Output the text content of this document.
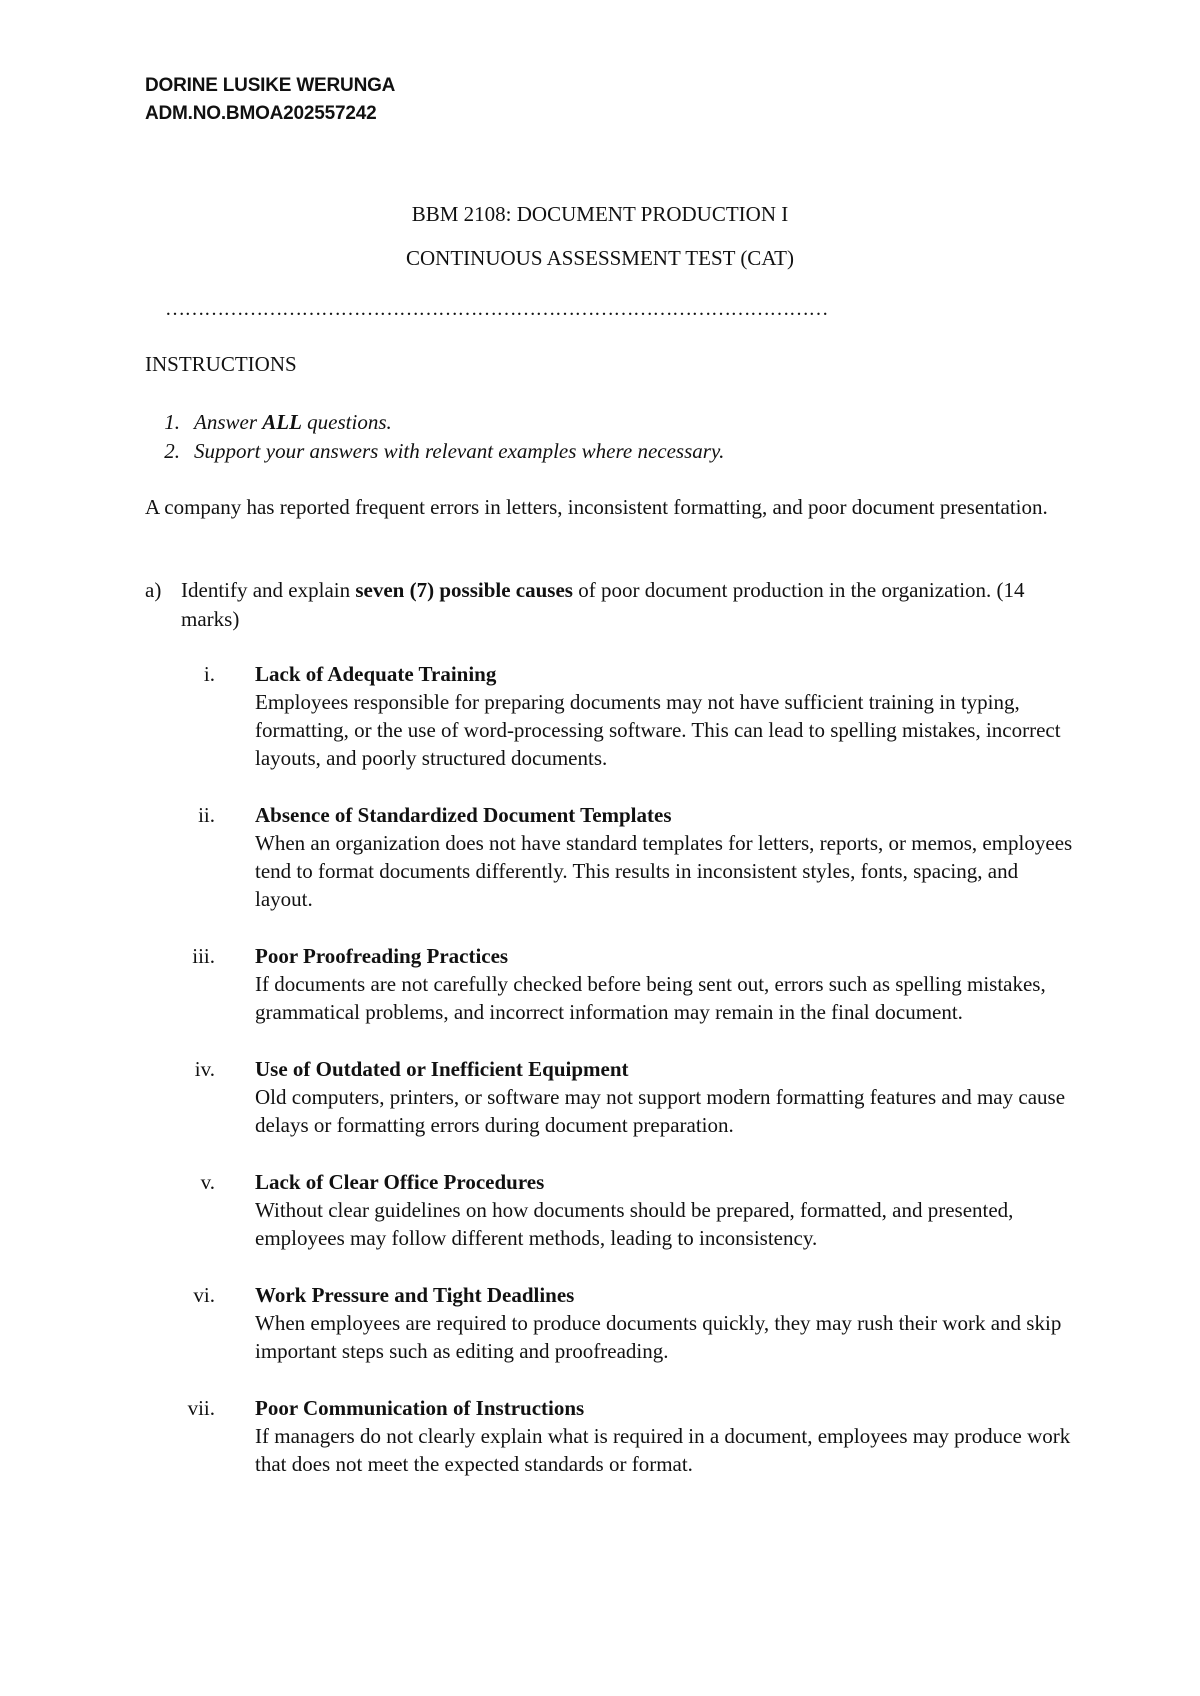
DORINE LUSIKE WERUNGA
ADM.NO.BMOA202557242
BBM 2108: DOCUMENT PRODUCTION I
CONTINUOUS ASSESSMENT TEST (CAT)
…………………………………………………………………………………………
INSTRUCTIONS
1. Answer ALL questions.
2. Support your answers with relevant examples where necessary.
A company has reported frequent errors in letters, inconsistent formatting, and poor document presentation.
a) Identify and explain seven (7) possible causes of poor document production in the organization. (14 marks)
i. Lack of Adequate Training
Employees responsible for preparing documents may not have sufficient training in typing, formatting, or the use of word-processing software. This can lead to spelling mistakes, incorrect layouts, and poorly structured documents.
ii. Absence of Standardized Document Templates
When an organization does not have standard templates for letters, reports, or memos, employees tend to format documents differently. This results in inconsistent styles, fonts, spacing, and layout.
iii. Poor Proofreading Practices
If documents are not carefully checked before being sent out, errors such as spelling mistakes, grammatical problems, and incorrect information may remain in the final document.
iv. Use of Outdated or Inefficient Equipment
Old computers, printers, or software may not support modern formatting features and may cause delays or formatting errors during document preparation.
v. Lack of Clear Office Procedures
Without clear guidelines on how documents should be prepared, formatted, and presented, employees may follow different methods, leading to inconsistency.
vi. Work Pressure and Tight Deadlines
When employees are required to produce documents quickly, they may rush their work and skip important steps such as editing and proofreading.
vii. Poor Communication of Instructions
If managers do not clearly explain what is required in a document, employees may produce work that does not meet the expected standards or format.
